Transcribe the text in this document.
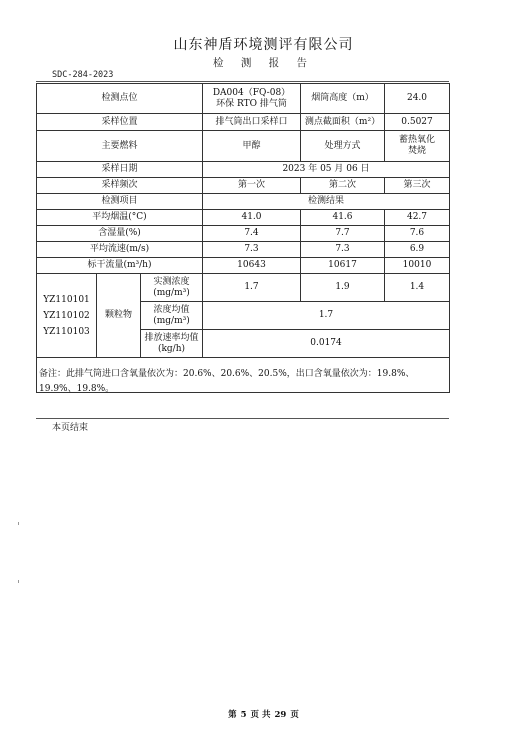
山东神盾环境测评有限公司
检 测 报 告
SDC-284-2023
检测点位			DA004（FQ-08）环保 RTO 排气筒	烟筒高度（m）	24.0
采样位置			排气筒出口采样口	测点截面积（m²）	0.5027
主要燃料			甲醇	处理方式	蓄热氧化焚烧
采样日期			2023 年 05 月 06 日		
采样频次			第一次	第二次	第三次
检测项目			检测结果		
平均烟温(°C)			41.0	41.6	42.7
含湿量(%)			7.4	7.7	7.6
平均流速(m/s)			7.3	7.3	6.9
标干流量(m³/h)			10643	10617	10010

YZ110101
YZ110102
YZ110103	颗粒物	实测浓度(mg/m³)	1.7	1.9	1.4
		浓度均值(mg/m³)	1.7		
		排放速率均值(kg/h)	0.0174		

备注：此排气筒进口含氧量依次为：20.6%、20.6%、20.5%，出口含氧量依次为：19.8%、19.9%、19.8%。
本页结束
第 5 页 共 29 页
